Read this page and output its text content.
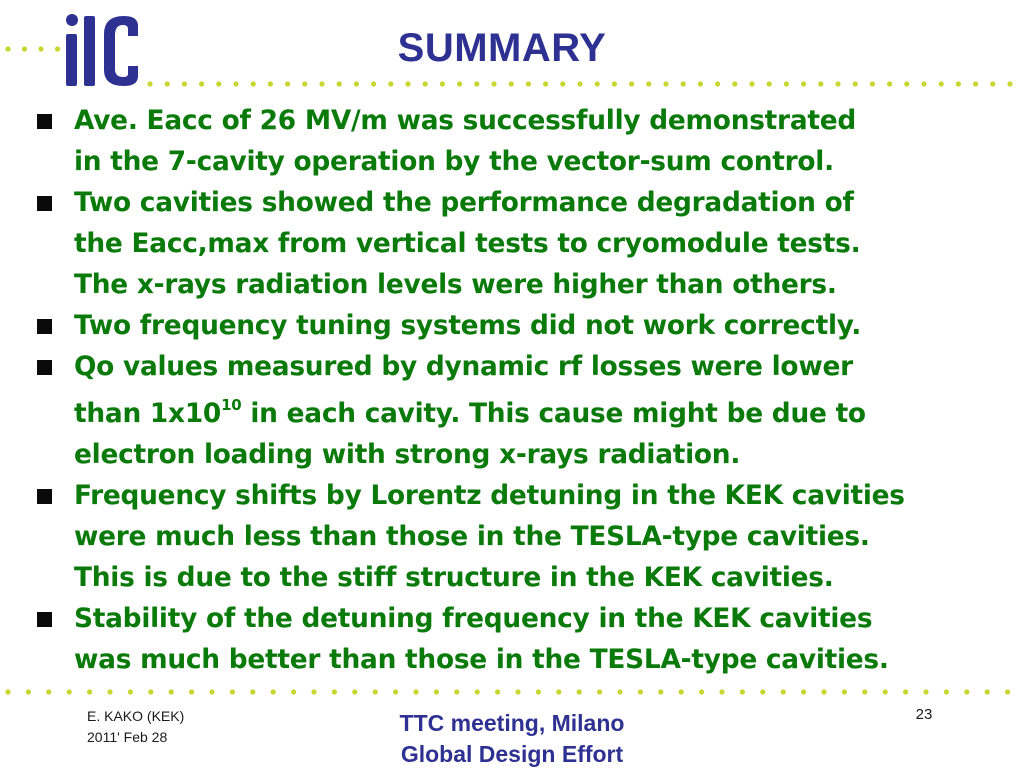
SUMMARY
Ave. Eacc of 26 MV/m was successfully demonstrated
in the 7-cavity operation by the vector-sum control.
Two cavities showed the performance degradation of
the Eacc,max from vertical tests to cryomodule tests.
The x-rays radiation levels were higher than others.
Two frequency tuning systems did not work correctly.
Qo values measured by dynamic rf losses were lower
than $1x10^{10}$ in each cavity. This cause might be due to
electron loading with strong x-rays radiation.
Frequency shifts by Lorentz detuning in the KEK cavities
were much less than those in the TESLA-type cavities.
This is due to the stiff structure in the KEK cavities.
Stability of the detuning frequency in the KEK cavities
was much better than those in the TESLA-type cavities.
E. KAKO (KEK)
2011' Feb 28
TTC meeting, Milano
Global Design Effort
23
